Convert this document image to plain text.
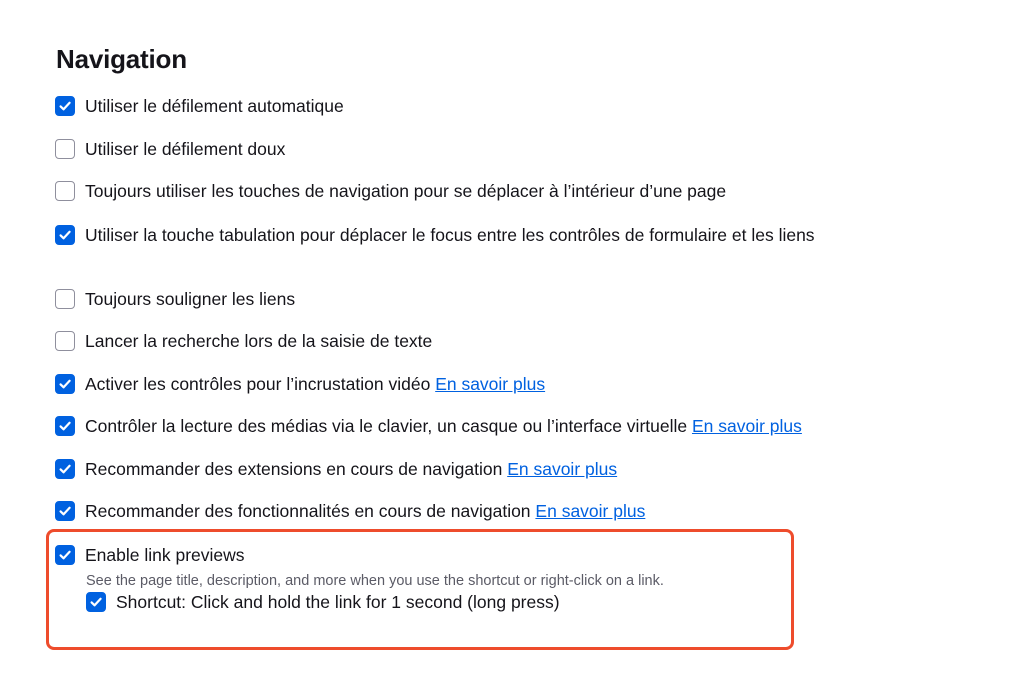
Navigation
Utiliser le défilement automatique
Utiliser le défilement doux
Toujours utiliser les touches de navigation pour se déplacer à l’intérieur d’une page
Utiliser la touche tabulation pour déplacer le focus entre les contrôles de formulaire et les liens
Toujours souligner les liens
Lancer la recherche lors de la saisie de texte
Activer les contrôles pour l’incrustation vidéo En savoir plus
Contrôler la lecture des médias via le clavier, un casque ou l’interface virtuelle En savoir plus
Recommander des extensions en cours de navigation En savoir plus
Recommander des fonctionnalités en cours de navigation En savoir plus
Enable link previews
See the page title, description, and more when you use the shortcut or right-click on a link.
Shortcut: Click and hold the link for 1 second (long press)
